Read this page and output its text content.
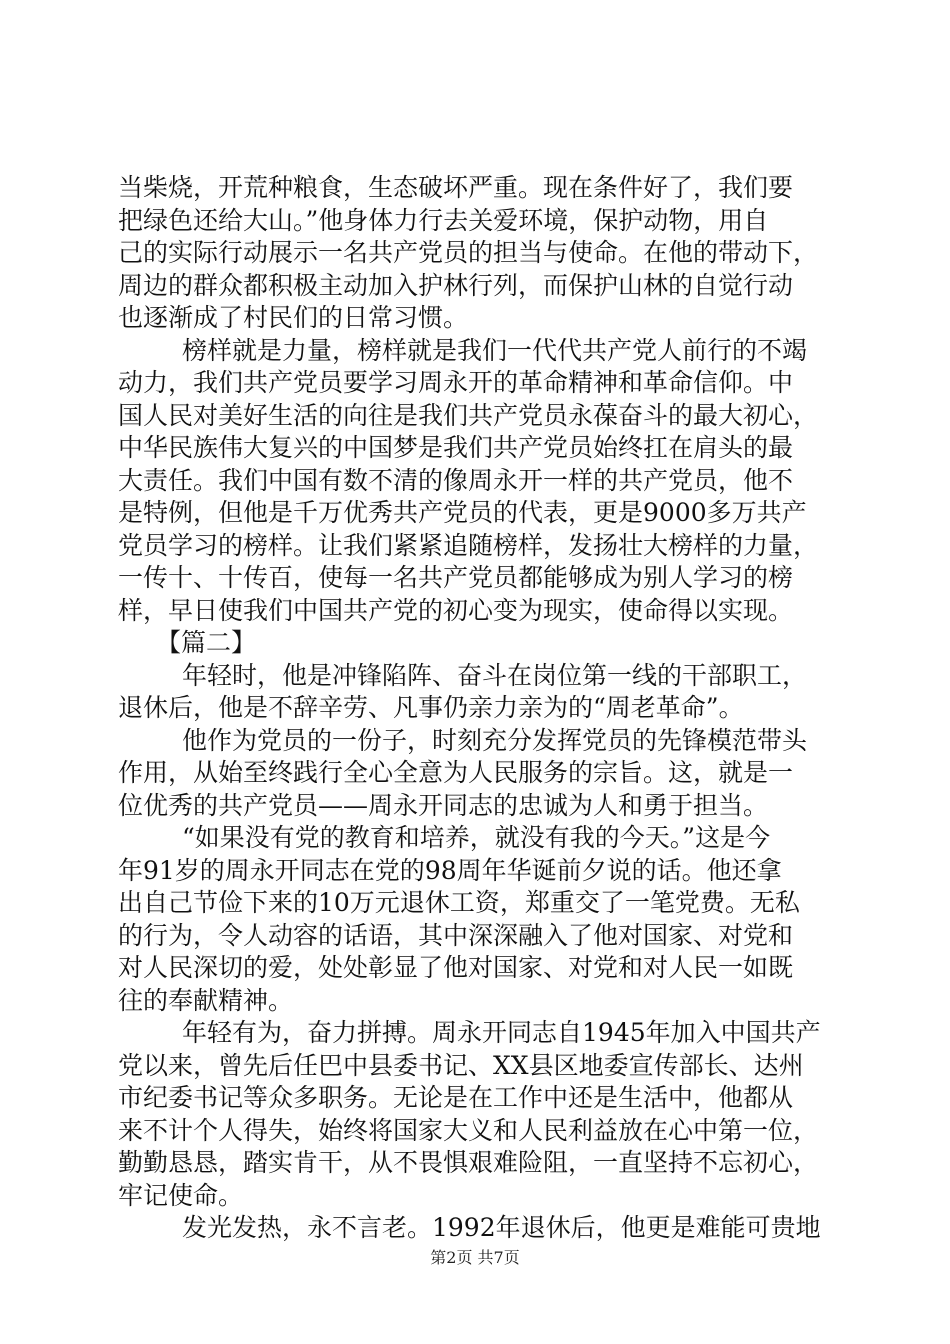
当柴烧，开荒种粮食，生态破坏严重。现在条件好了，我们要
把绿色还给大山。”他身体力行去关爱环境，保护动物，用自
己的实际行动展示一名共产党员的担当与使命。在他的带动下，
周边的群众都积极主动加入护林行列，而保护山林的自觉行动
也逐渐成了村民们的日常习惯。
榜样就是力量，榜样就是我们一代代共产党人前行的不竭
动力，我们共产党员要学习周永开的革命精神和革命信仰。中
国人民对美好生活的向往是我们共产党员永葆奋斗的最大初心，
中华民族伟大复兴的中国梦是我们共产党员始终扛在肩头的最
大责任。我们中国有数不清的像周永开一样的共产党员，他不
是特例，但他是千万优秀共产党员的代表，更是9000多万共产
党员学习的榜样。让我们紧紧追随榜样，发扬壮大榜样的力量，
一传十、十传百，使每一名共产党员都能够成为别人学习的榜
样，早日使我们中国共产党的初心变为现实，使命得以实现。
【篇二】
年轻时，他是冲锋陷阵、奋斗在岗位第一线的干部职工，
退休后，他是不辞辛劳、凡事仍亲力亲为的“周老革命”。
他作为党员的一份子，时刻充分发挥党员的先锋模范带头
作用，从始至终践行全心全意为人民服务的宗旨。这，就是一
位优秀的共产党员——周永开同志的忠诚为人和勇于担当。
“如果没有党的教育和培养，就没有我的今天。”这是今
年91岁的周永开同志在党的98周年华诞前夕说的话。他还拿
出自己节俭下来的10万元退休工资，郑重交了一笔党费。无私
的行为，令人动容的话语，其中深深融入了他对国家、对党和
对人民深切的爱，处处彰显了他对国家、对党和对人民一如既
往的奉献精神。
年轻有为，奋力拼搏。周永开同志自1945年加入中国共产
党以来，曾先后任巴中县委书记、XX县区地委宣传部长、达州
市纪委书记等众多职务。无论是在工作中还是生活中，他都从
来不计个人得失，始终将国家大义和人民利益放在心中第一位，
勤勤恳恳，踏实肯干，从不畏惧艰难险阻，一直坚持不忘初心，
牢记使命。
发光发热，永不言老。1992年退休后，他更是难能可贵地
第2页 共7页
